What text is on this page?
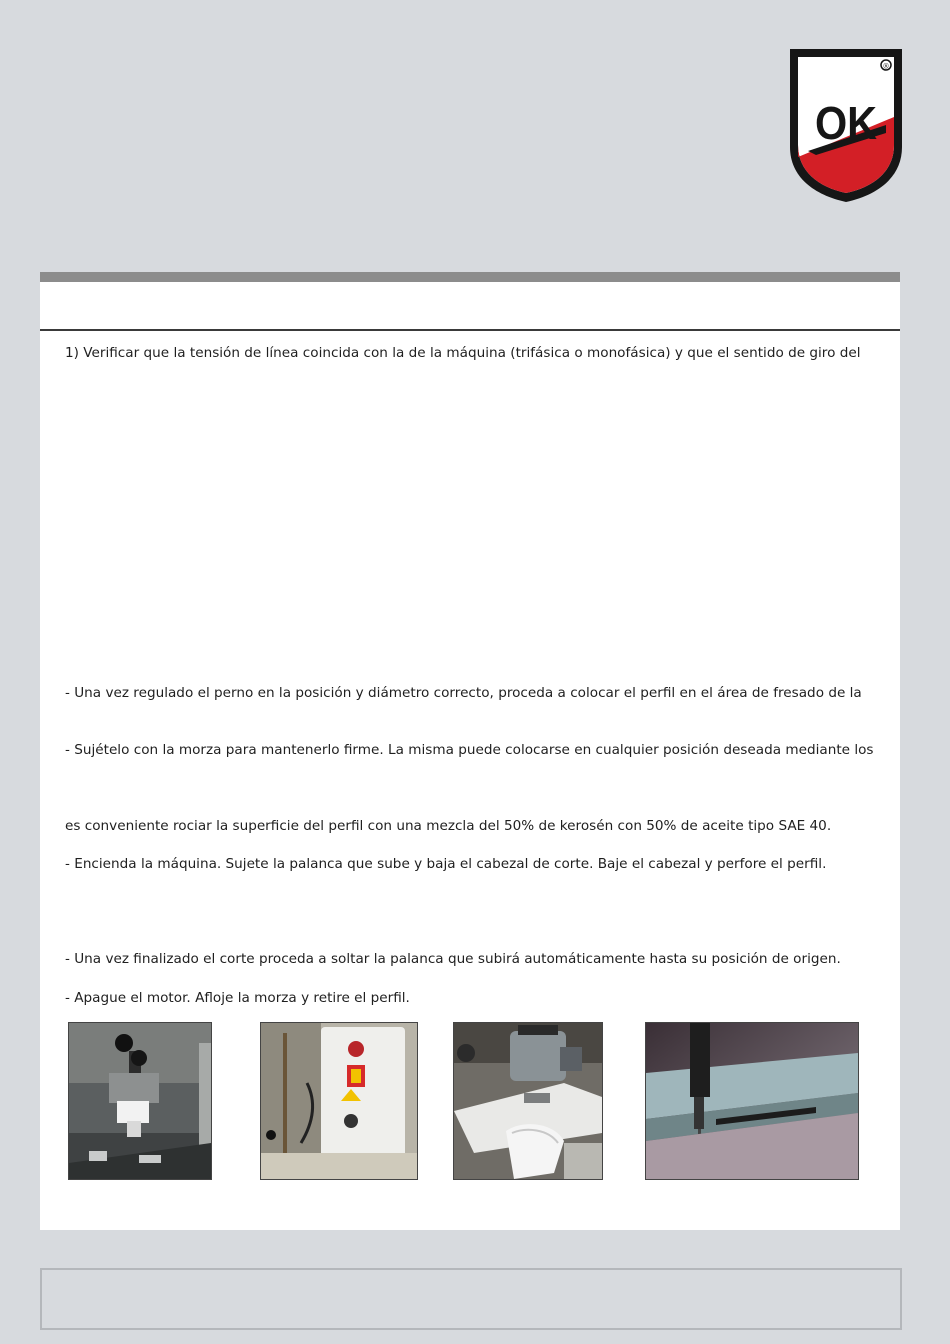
OK
®

1) Verificar que la tensión de línea coincida con la de la máquina (trifásica o monofásica) y que el sentido de giro del

- Una vez regulado el perno en la posición y diámetro correcto, proceda a colocar el perfil en el área de fresado de la

- Sujételo con la morza para mantenerlo firme. La misma puede colocarse en cualquier posición deseada mediante los

es conveniente rociar la superficie del perfil con una mezcla del 50% de kerosén con 50% de aceite tipo SAE 40.

- Encienda la máquina. Sujete la palanca que sube y baja el cabezal de corte. Baje el cabezal y perfore el perfil.

- Una vez finalizado el corte proceda a soltar la palanca que subirá automáticamente hasta su posición de origen.

- Apague el motor. Afloje la morza y retire el perfil.
